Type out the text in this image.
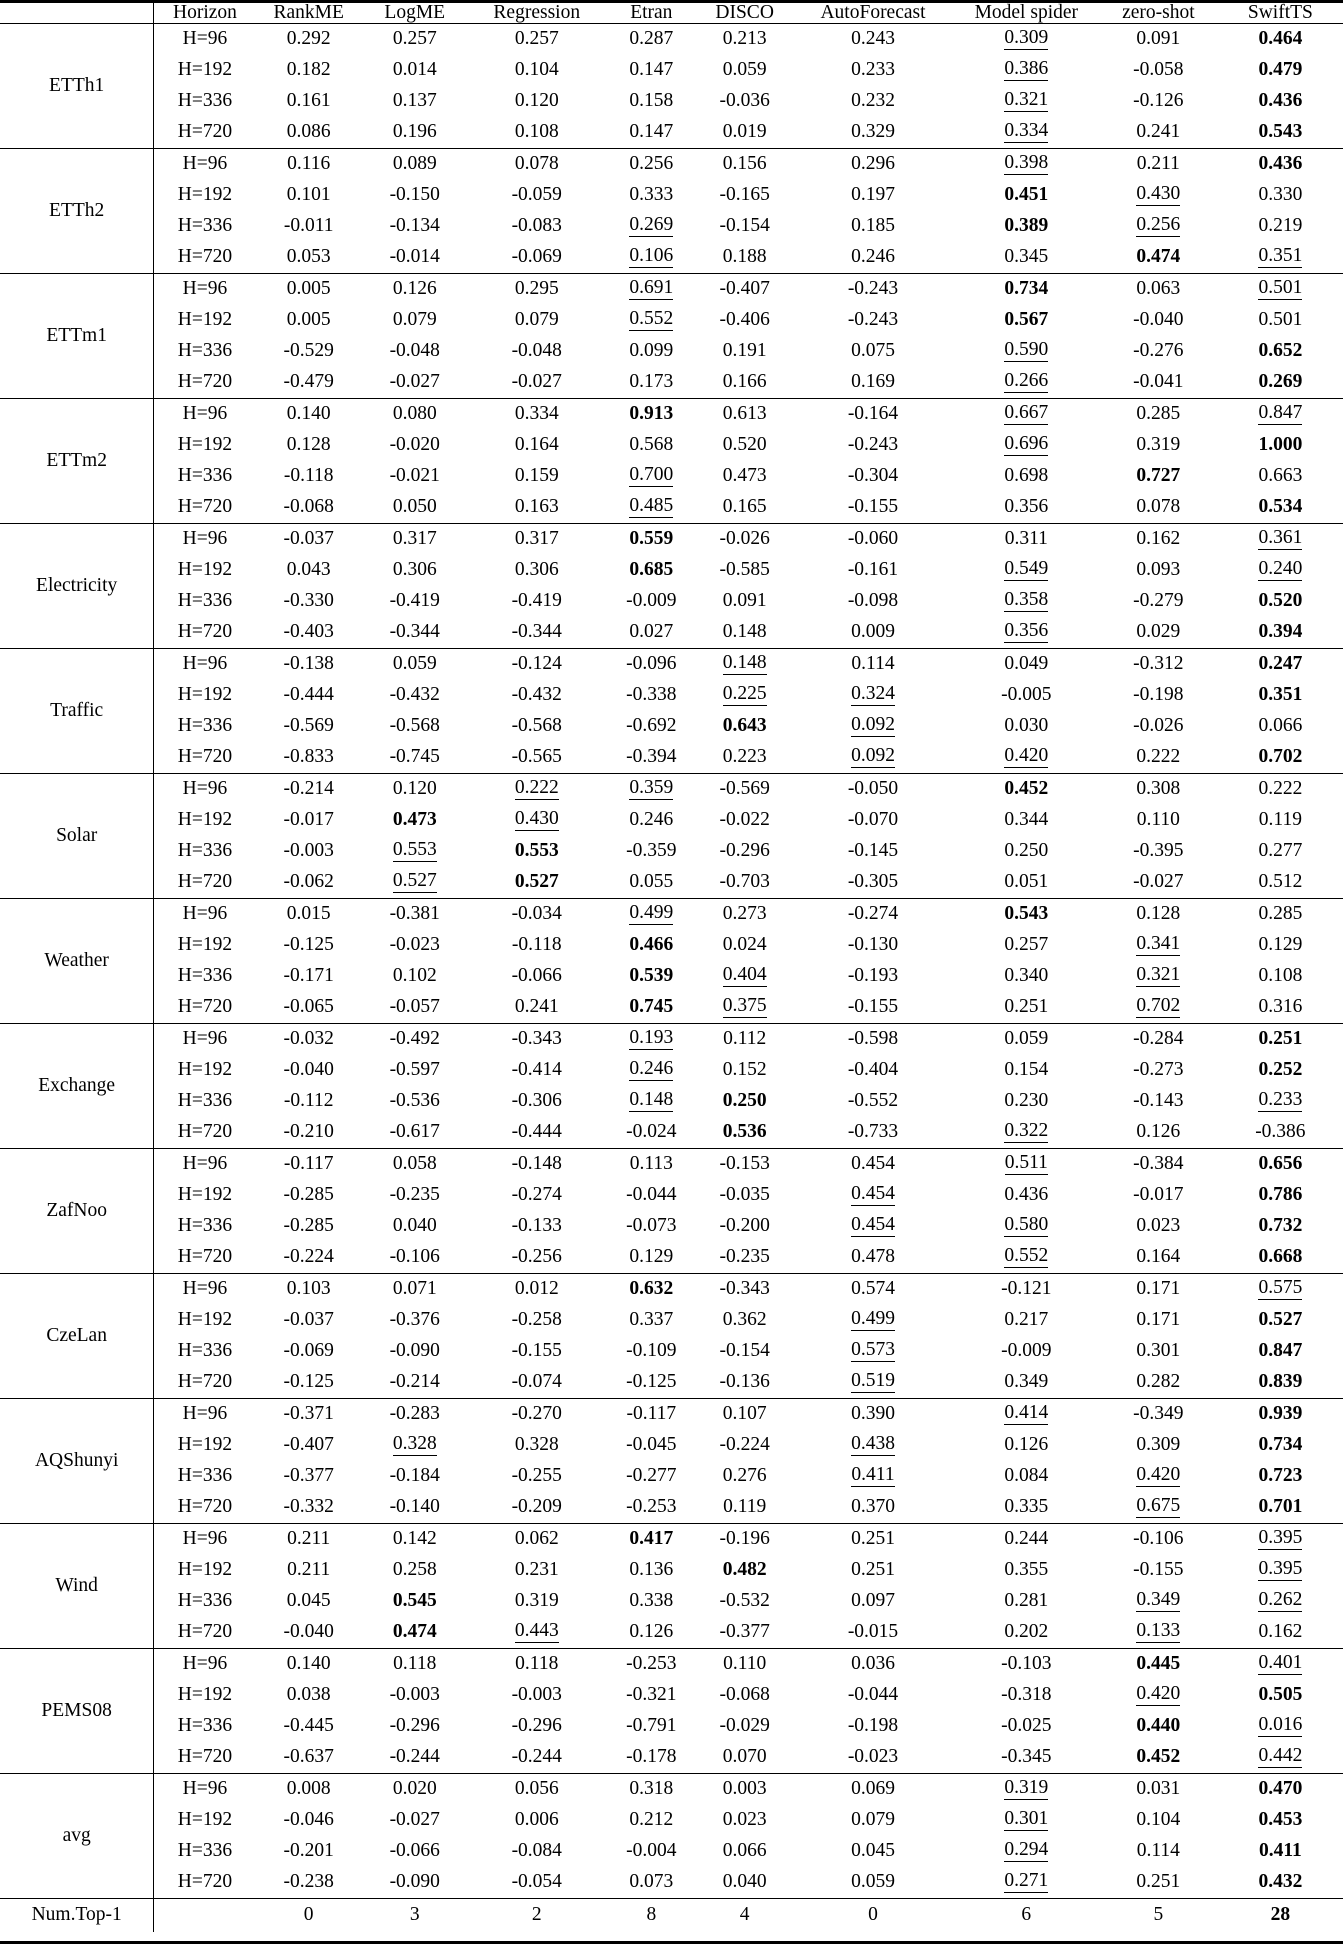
	Horizon	RankME	LogME	Regression	Etran	DISCO	AutoForecast	Model spider	zero-shot	SwiftTS
ETTh1	H=96	0.292	0.257	0.257	0.287	0.213	0.243	0.309	0.091	0.464
	H=192	0.182	0.014	0.104	0.147	0.059	0.233	0.386	-0.058	0.479
	H=336	0.161	0.137	0.120	0.158	-0.036	0.232	0.321	-0.126	0.436
	H=720	0.086	0.196	0.108	0.147	0.019	0.329	0.334	0.241	0.543
ETTh2	H=96	0.116	0.089	0.078	0.256	0.156	0.296	0.398	0.211	0.436
	H=192	0.101	-0.150	-0.059	0.333	-0.165	0.197	0.451	0.430	0.330
	H=336	-0.011	-0.134	-0.083	0.269	-0.154	0.185	0.389	0.256	0.219
	H=720	0.053	-0.014	-0.069	0.106	0.188	0.246	0.345	0.474	0.351
ETTm1	H=96	0.005	0.126	0.295	0.691	-0.407	-0.243	0.734	0.063	0.501
	H=192	0.005	0.079	0.079	0.552	-0.406	-0.243	0.567	-0.040	0.501
	H=336	-0.529	-0.048	-0.048	0.099	0.191	0.075	0.590	-0.276	0.652
	H=720	-0.479	-0.027	-0.027	0.173	0.166	0.169	0.266	-0.041	0.269
ETTm2	H=96	0.140	0.080	0.334	0.913	0.613	-0.164	0.667	0.285	0.847
	H=192	0.128	-0.020	0.164	0.568	0.520	-0.243	0.696	0.319	1.000
	H=336	-0.118	-0.021	0.159	0.700	0.473	-0.304	0.698	0.727	0.663
	H=720	-0.068	0.050	0.163	0.485	0.165	-0.155	0.356	0.078	0.534
Electricity	H=96	-0.037	0.317	0.317	0.559	-0.026	-0.060	0.311	0.162	0.361
	H=192	0.043	0.306	0.306	0.685	-0.585	-0.161	0.549	0.093	0.240
	H=336	-0.330	-0.419	-0.419	-0.009	0.091	-0.098	0.358	-0.279	0.520
	H=720	-0.403	-0.344	-0.344	0.027	0.148	0.009	0.356	0.029	0.394
Traffic	H=96	-0.138	0.059	-0.124	-0.096	0.148	0.114	0.049	-0.312	0.247
	H=192	-0.444	-0.432	-0.432	-0.338	0.225	0.324	-0.005	-0.198	0.351
	H=336	-0.569	-0.568	-0.568	-0.692	0.643	0.092	0.030	-0.026	0.066
	H=720	-0.833	-0.745	-0.565	-0.394	0.223	0.092	0.420	0.222	0.702
Solar	H=96	-0.214	0.120	0.222	0.359	-0.569	-0.050	0.452	0.308	0.222
	H=192	-0.017	0.473	0.430	0.246	-0.022	-0.070	0.344	0.110	0.119
	H=336	-0.003	0.553	0.553	-0.359	-0.296	-0.145	0.250	-0.395	0.277
	H=720	-0.062	0.527	0.527	0.055	-0.703	-0.305	0.051	-0.027	0.512
Weather	H=96	0.015	-0.381	-0.034	0.499	0.273	-0.274	0.543	0.128	0.285
	H=192	-0.125	-0.023	-0.118	0.466	0.024	-0.130	0.257	0.341	0.129
	H=336	-0.171	0.102	-0.066	0.539	0.404	-0.193	0.340	0.321	0.108
	H=720	-0.065	-0.057	0.241	0.745	0.375	-0.155	0.251	0.702	0.316
Exchange	H=96	-0.032	-0.492	-0.343	0.193	0.112	-0.598	0.059	-0.284	0.251
	H=192	-0.040	-0.597	-0.414	0.246	0.152	-0.404	0.154	-0.273	0.252
	H=336	-0.112	-0.536	-0.306	0.148	0.250	-0.552	0.230	-0.143	0.233
	H=720	-0.210	-0.617	-0.444	-0.024	0.536	-0.733	0.322	0.126	-0.386
ZafNoo	H=96	-0.117	0.058	-0.148	0.113	-0.153	0.454	0.511	-0.384	0.656
	H=192	-0.285	-0.235	-0.274	-0.044	-0.035	0.454	0.436	-0.017	0.786
	H=336	-0.285	0.040	-0.133	-0.073	-0.200	0.454	0.580	0.023	0.732
	H=720	-0.224	-0.106	-0.256	0.129	-0.235	0.478	0.552	0.164	0.668
CzeLan	H=96	0.103	0.071	0.012	0.632	-0.343	0.574	-0.121	0.171	0.575
	H=192	-0.037	-0.376	-0.258	0.337	0.362	0.499	0.217	0.171	0.527
	H=336	-0.069	-0.090	-0.155	-0.109	-0.154	0.573	-0.009	0.301	0.847
	H=720	-0.125	-0.214	-0.074	-0.125	-0.136	0.519	0.349	0.282	0.839
AQShunyi	H=96	-0.371	-0.283	-0.270	-0.117	0.107	0.390	0.414	-0.349	0.939
	H=192	-0.407	0.328	0.328	-0.045	-0.224	0.438	0.126	0.309	0.734
	H=336	-0.377	-0.184	-0.255	-0.277	0.276	0.411	0.084	0.420	0.723
	H=720	-0.332	-0.140	-0.209	-0.253	0.119	0.370	0.335	0.675	0.701
Wind	H=96	0.211	0.142	0.062	0.417	-0.196	0.251	0.244	-0.106	0.395
	H=192	0.211	0.258	0.231	0.136	0.482	0.251	0.355	-0.155	0.395
	H=336	0.045	0.545	0.319	0.338	-0.532	0.097	0.281	0.349	0.262
	H=720	-0.040	0.474	0.443	0.126	-0.377	-0.015	0.202	0.133	0.162
PEMS08	H=96	0.140	0.118	0.118	-0.253	0.110	0.036	-0.103	0.445	0.401
	H=192	0.038	-0.003	-0.003	-0.321	-0.068	-0.044	-0.318	0.420	0.505
	H=336	-0.445	-0.296	-0.296	-0.791	-0.029	-0.198	-0.025	0.440	0.016
	H=720	-0.637	-0.244	-0.244	-0.178	0.070	-0.023	-0.345	0.452	0.442
avg	H=96	0.008	0.020	0.056	0.318	0.003	0.069	0.319	0.031	0.470
	H=192	-0.046	-0.027	0.006	0.212	0.023	0.079	0.301	0.104	0.453
	H=336	-0.201	-0.066	-0.084	-0.004	0.066	0.045	0.294	0.114	0.411
	H=720	-0.238	-0.090	-0.054	0.073	0.040	0.059	0.271	0.251	0.432
Num.Top-1		0	3	2	8	4	0	6	5	28
